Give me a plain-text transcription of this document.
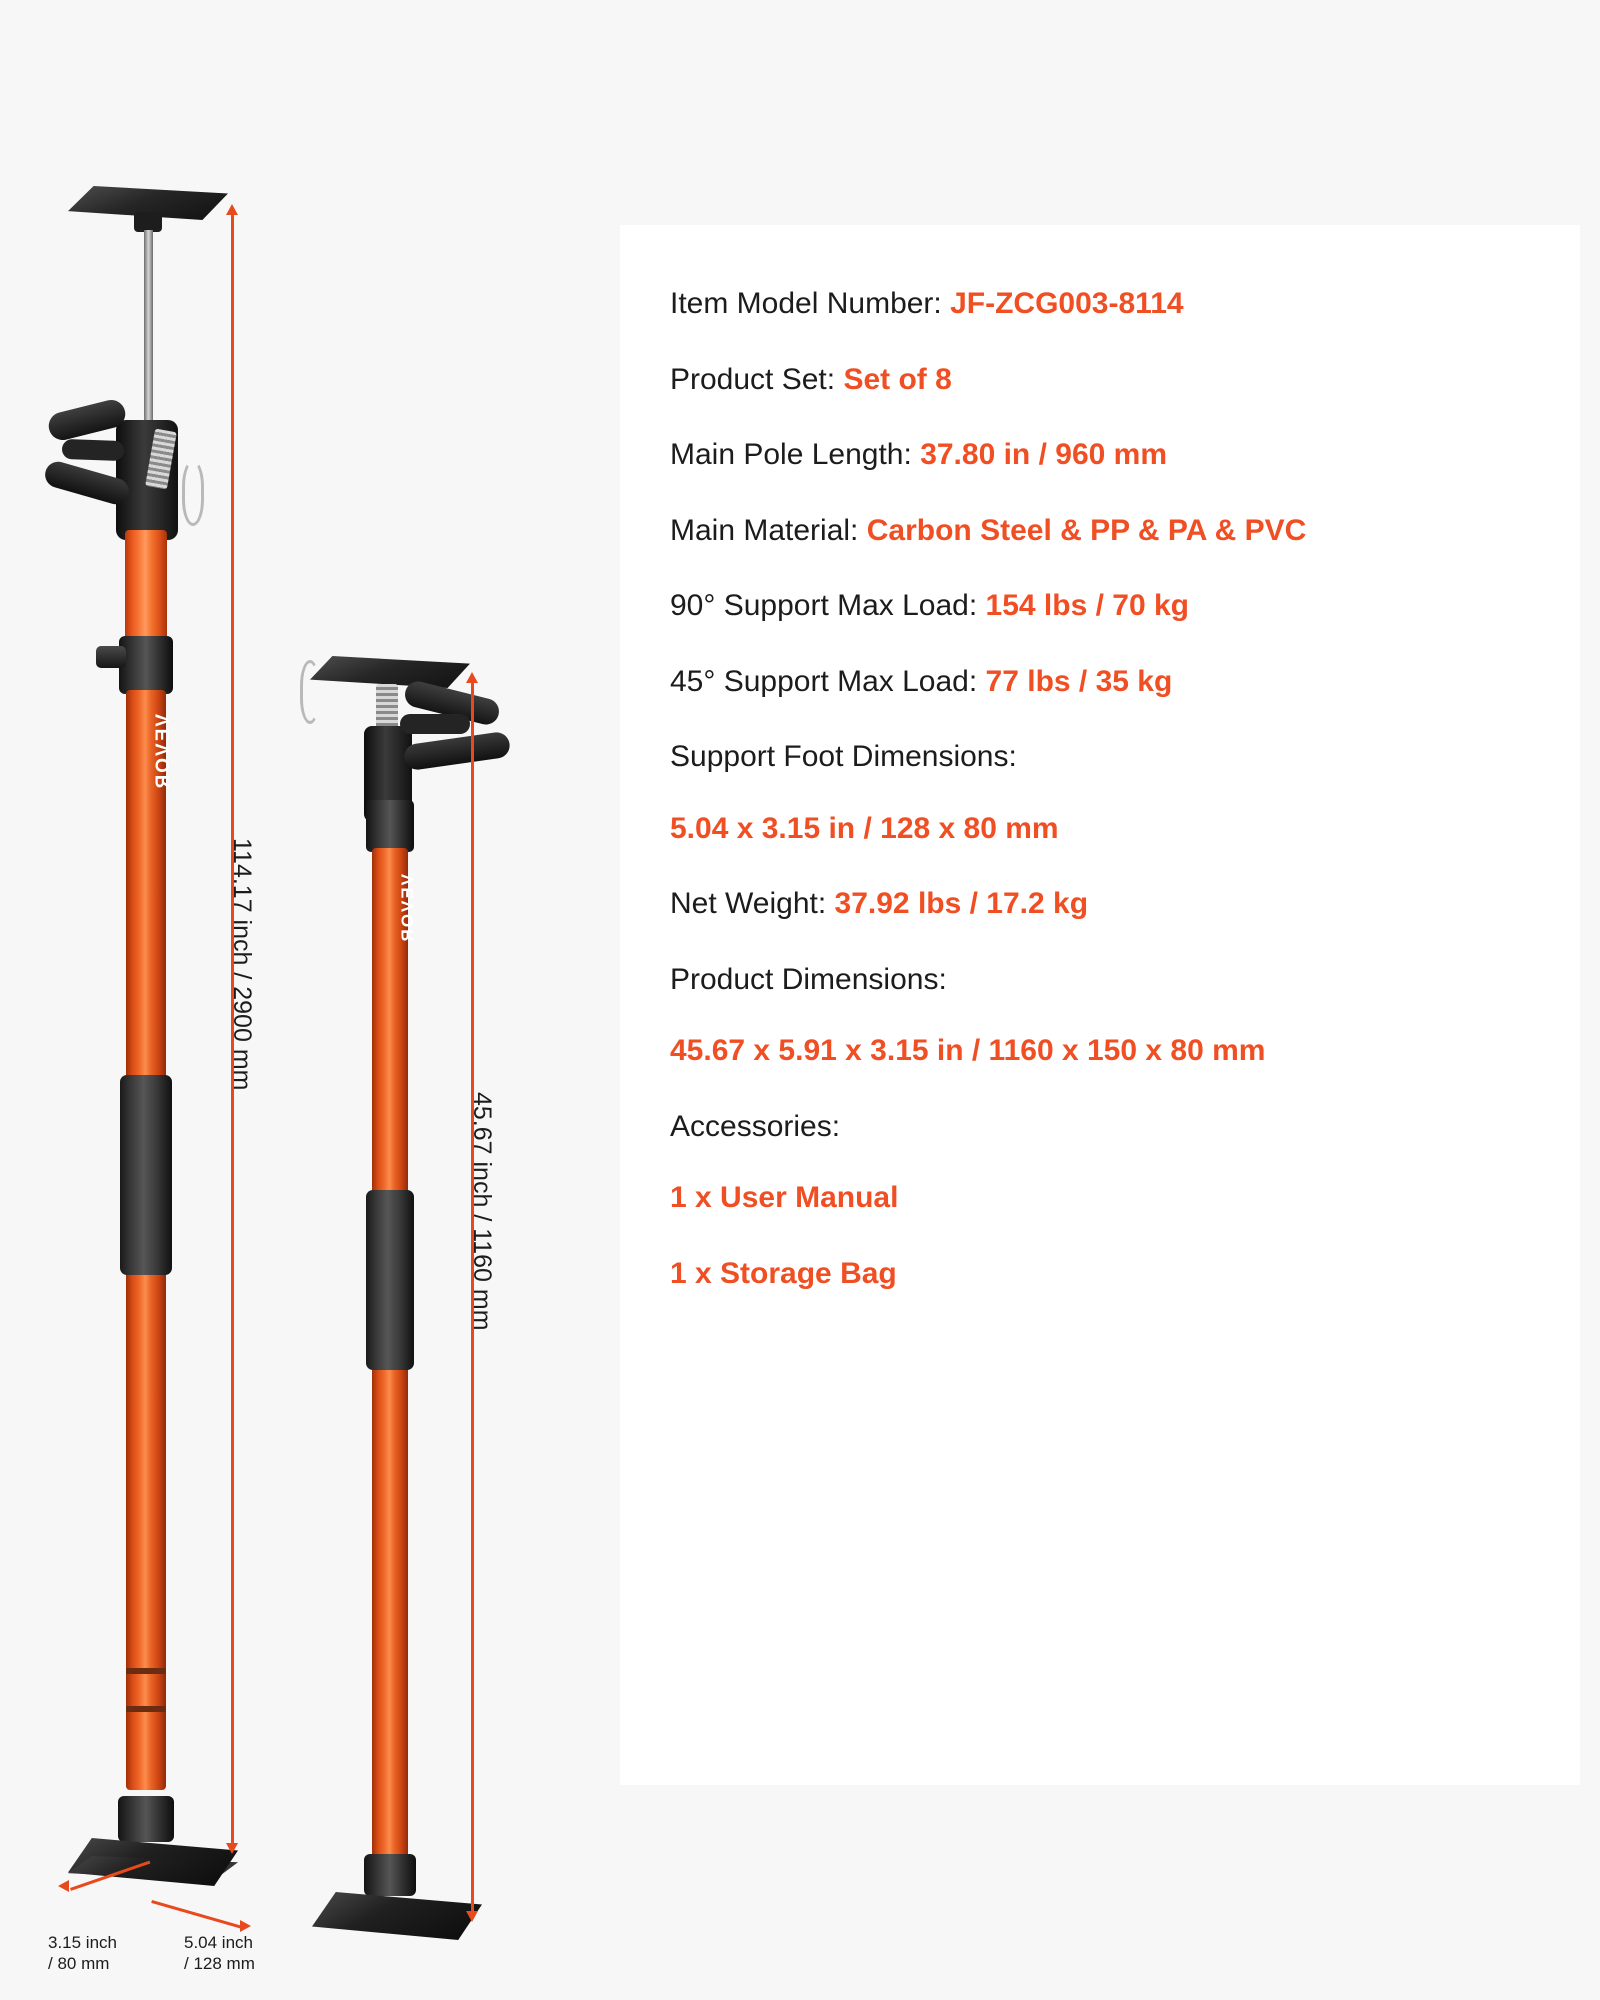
VEVOR
114.17 inch / 2900 mm
5.04 inch
/ 128 mm
3.15 inch
/ 80 mm
VEVOR
45.67 inch / 1160 mm
Item Model Number: JF-ZCG003-8114
Product Set: Set of 8
Main Pole Length: 37.80 in / 960 mm
Main Material: Carbon Steel & PP & PA & PVC
90° Support Max Load: 154 lbs / 70 kg
45° Support Max Load: 77 lbs / 35 kg
Support Foot Dimensions:
5.04 x 3.15 in / 128 x 80 mm
Net Weight: 37.92 lbs / 17.2 kg
Product Dimensions:
45.67 x 5.91 x 3.15 in / 1160 x 150 x 80 mm
Accessories:
1 x User Manual
1 x Storage Bag
